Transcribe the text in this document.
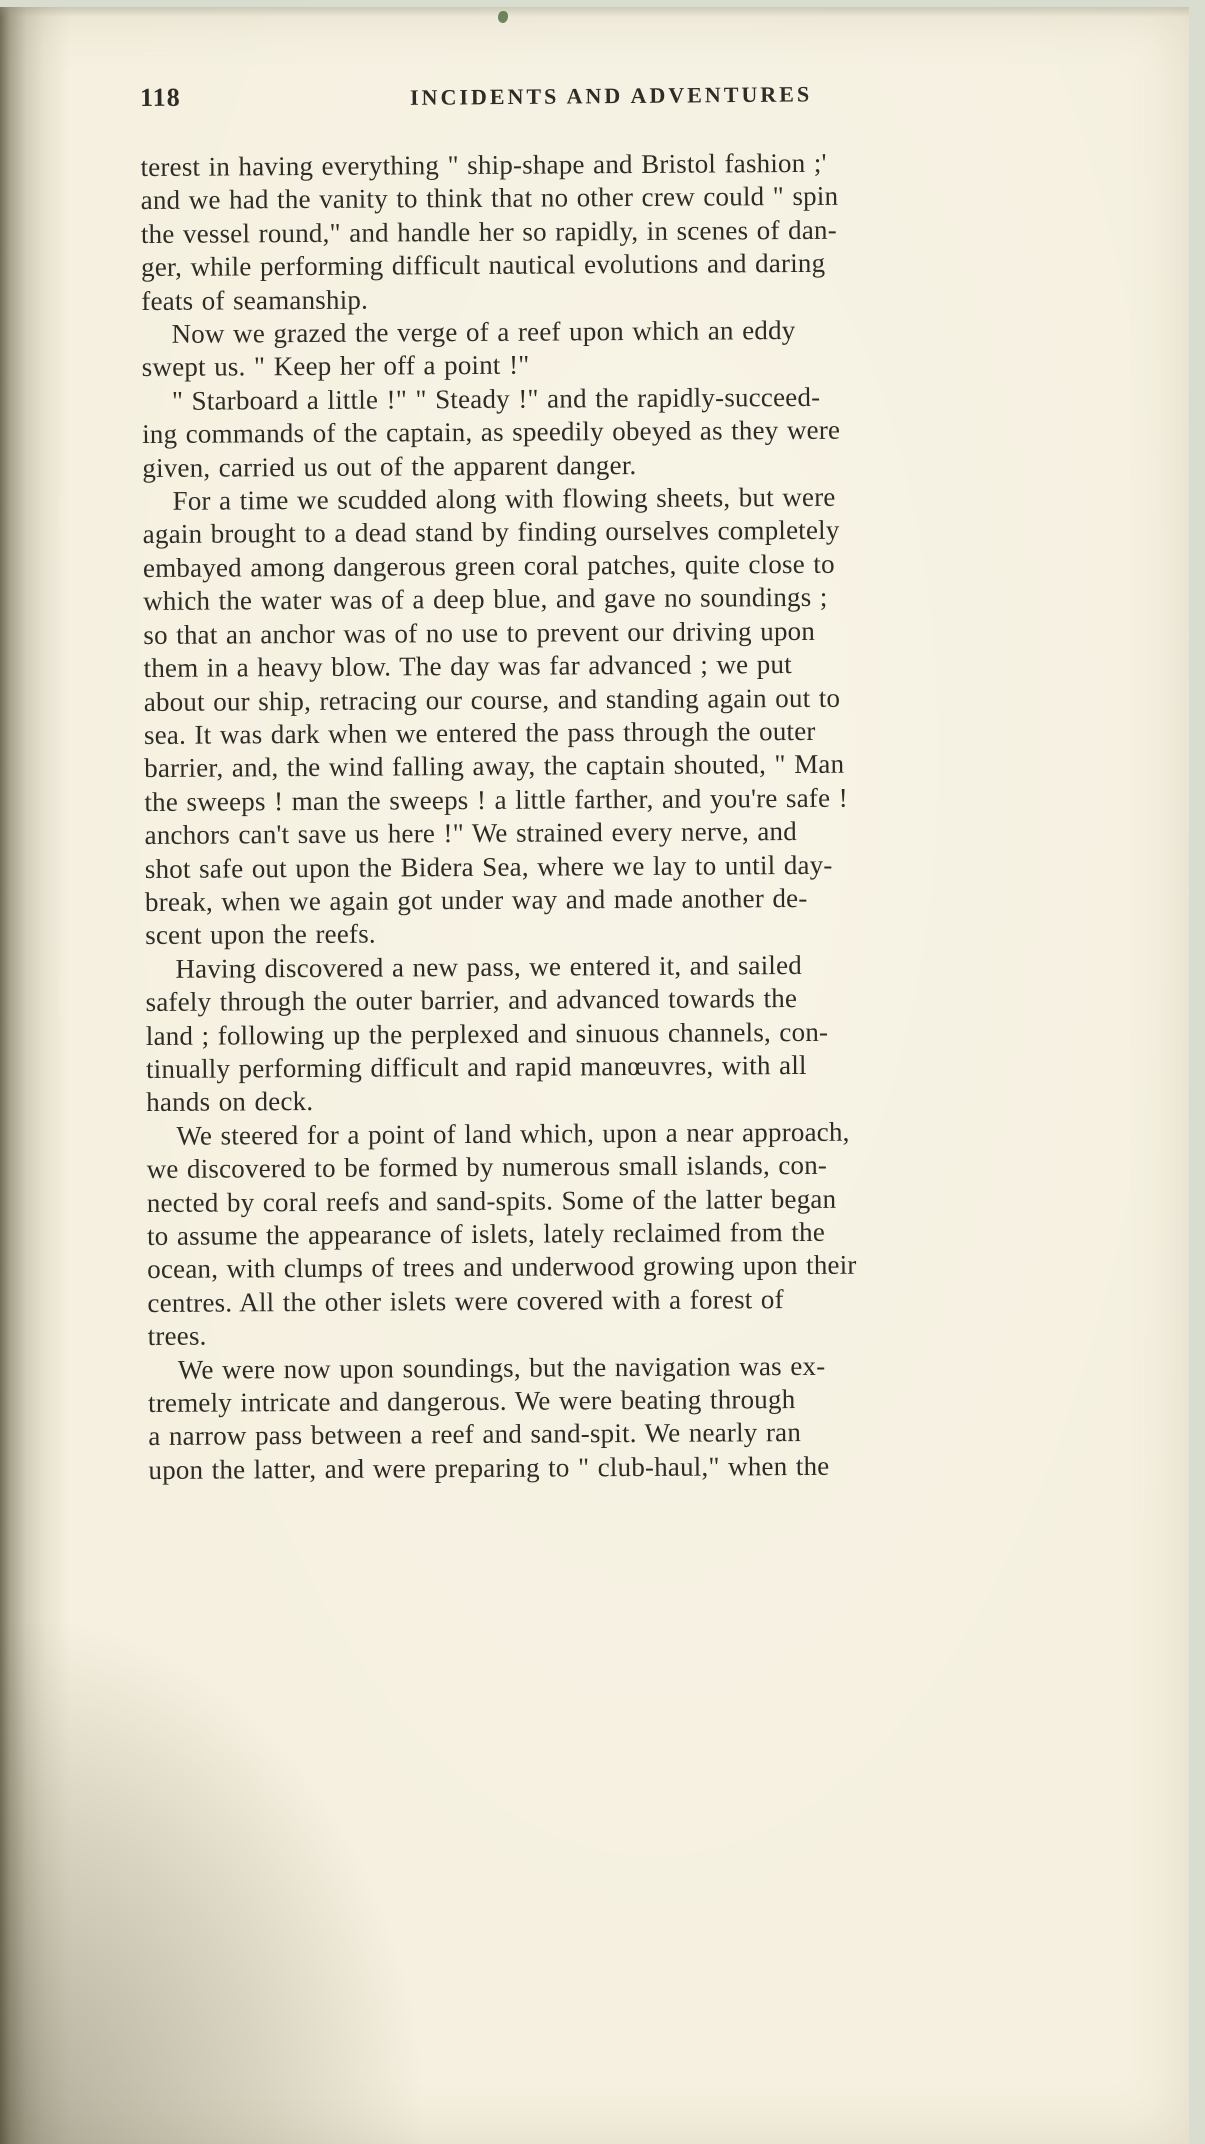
118	INCIDENTS AND ADVENTURES

terest in having everything " ship-shape and Bristol fashion ;'
and we had the vanity to think that no other crew could " spin
the vessel round," and handle her so rapidly, in scenes of dan-
ger, while performing difficult nautical evolutions and daring
feats of seamanship.

Now we grazed the verge of a reef upon which an eddy
swept us. " Keep her off a point !"

" Starboard a little !" " Steady !" and the rapidly-succeed-
ing commands of the captain, as speedily obeyed as they were
given, carried us out of the apparent danger.

For a time we scudded along with flowing sheets, but were
again brought to a dead stand by finding ourselves completely
embayed among dangerous green coral patches, quite close to
which the water was of a deep blue, and gave no soundings ;
so that an anchor was of no use to prevent our driving upon
them in a heavy blow. The day was far advanced ; we put
about our ship, retracing our course, and standing again out to
sea. It was dark when we entered the pass through the outer
barrier, and, the wind falling away, the captain shouted, " Man
the sweeps ! man the sweeps ! a little farther, and you're safe !
anchors can't save us here !" We strained every nerve, and
shot safe out upon the Bidera Sea, where we lay to until day-
break, when we again got under way and made another de-
scent upon the reefs.

Having discovered a new pass, we entered it, and sailed
safely through the outer barrier, and advanced towards the
land ; following up the perplexed and sinuous channels, con-
tinually performing difficult and rapid manœuvres, with all
hands on deck.

We steered for a point of land which, upon a near approach,
we discovered to be formed by numerous small islands, con-
nected by coral reefs and sand-spits. Some of the latter began
to assume the appearance of islets, lately reclaimed from the
ocean, with clumps of trees and underwood growing upon their
centres. All the other islets were covered with a forest of
trees.

We were now upon soundings, but the navigation was ex-
tremely intricate and dangerous. We were beating through
a narrow pass between a reef and sand-spit. We nearly ran
upon the latter, and were preparing to " club-haul," when the
